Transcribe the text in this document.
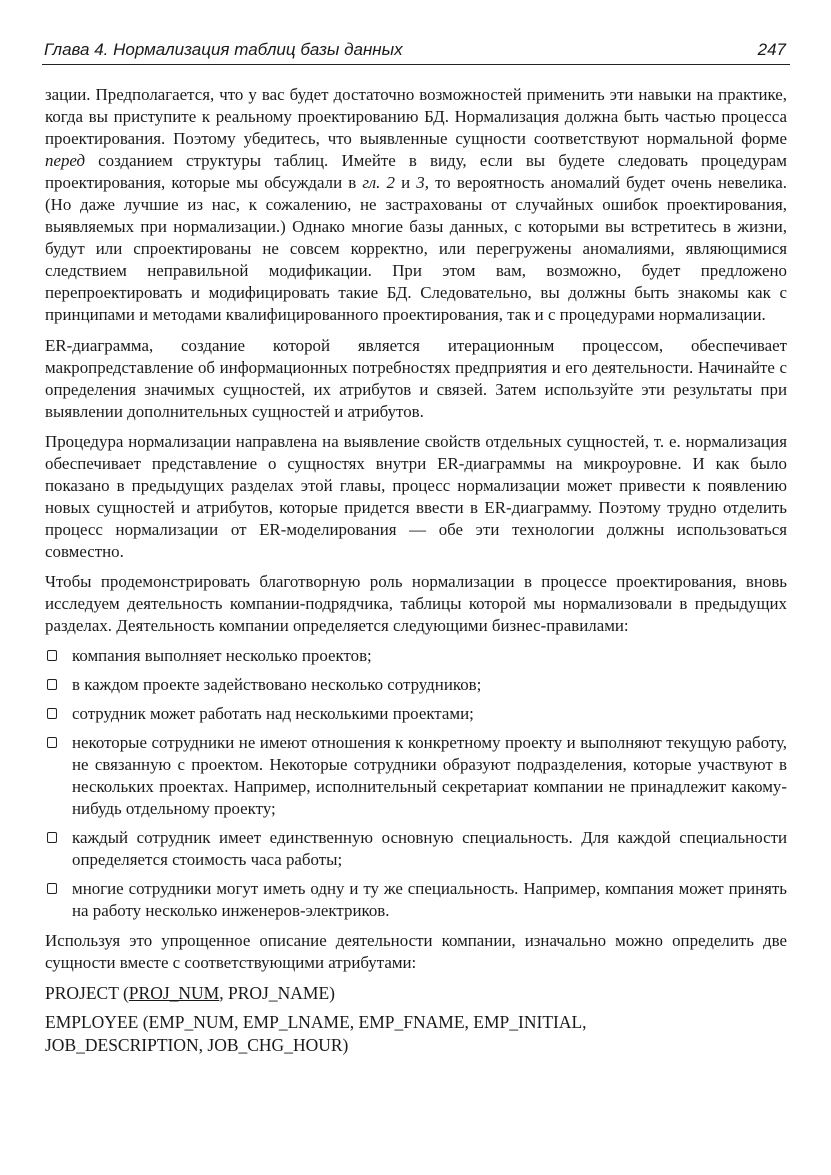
Глава 4. Нормализация таблиц базы данных	247

зации. Предполагается, что у вас будет достаточно возможностей применить эти навыки на практике, когда вы приступите к реальному проектированию БД. Нормализация должна быть частью процесса проектирования. Поэтому убедитесь, что выявленные сущности соответствуют нормальной форме перед созданием структуры таблиц. Имейте в виду, если вы будете следовать процедурам проектирования, которые мы обсуждали в гл. 2 и 3, то вероятность аномалий будет очень невелика. (Но даже лучшие из нас, к сожалению, не застрахованы от случайных ошибок проектирования, выявляемых при нормализации.) Однако многие базы данных, с которыми вы встретитесь в жизни, будут или спроектированы не совсем корректно, или перегружены аномалиями, являющимися следствием неправильной модификации. При этом вам, возможно, будет предложено перепроектировать и модифицировать такие БД. Следовательно, вы должны быть знакомы как с принципами и методами квалифицированного проектирования, так и с процедурами нормализации.

ER-диаграмма, создание которой является итерационным процессом, обеспечивает макропредставление об информационных потребностях предприятия и его деятельности. Начинайте с определения значимых сущностей, их атрибутов и связей. Затем используйте эти результаты при выявлении дополнительных сущностей и атрибутов.

Процедура нормализации направлена на выявление свойств отдельных сущностей, т. е. нормализация обеспечивает представление о сущностях внутри ER-диаграммы на микроуровне. И как было показано в предыдущих разделах этой главы, процесс нормализации может привести к появлению новых сущностей и атрибутов, которые придется ввести в ER-диаграмму. Поэтому трудно отделить процесс нормализации от ER-моделирования — обе эти технологии должны использоваться совместно.

Чтобы продемонстрировать благотворную роль нормализации в процессе проектирования, вновь исследуем деятельность компании-подрядчика, таблицы которой мы нормализовали в предыдущих разделах. Деятельность компании определяется следующими бизнес-правилами:

компания выполняет несколько проектов;
в каждом проекте задействовано несколько сотрудников;
сотрудник может работать над несколькими проектами;
некоторые сотрудники не имеют отношения к конкретному проекту и выполняют текущую работу, не связанную с проектом. Некоторые сотрудники образуют подразделения, которые участвуют в нескольких проектах. Например, исполнительный секретариат компании не принадлежит какому-нибудь отдельному проекту;
каждый сотрудник имеет единственную основную специальность. Для каждой специальности определяется стоимость часа работы;
многие сотрудники могут иметь одну и ту же специальность. Например, компания может принять на работу несколько инженеров-электриков.

Используя это упрощенное описание деятельности компании, изначально можно определить две сущности вместе с соответствующими атрибутами:

PROJECT (PROJ_NUM, PROJ_NAME)
EMPLOYEE (EMP_NUM, EMP_LNAME, EMP_FNAME, EMP_INITIAL,
JOB_DESCRIPTION, JOB_CHG_HOUR)
